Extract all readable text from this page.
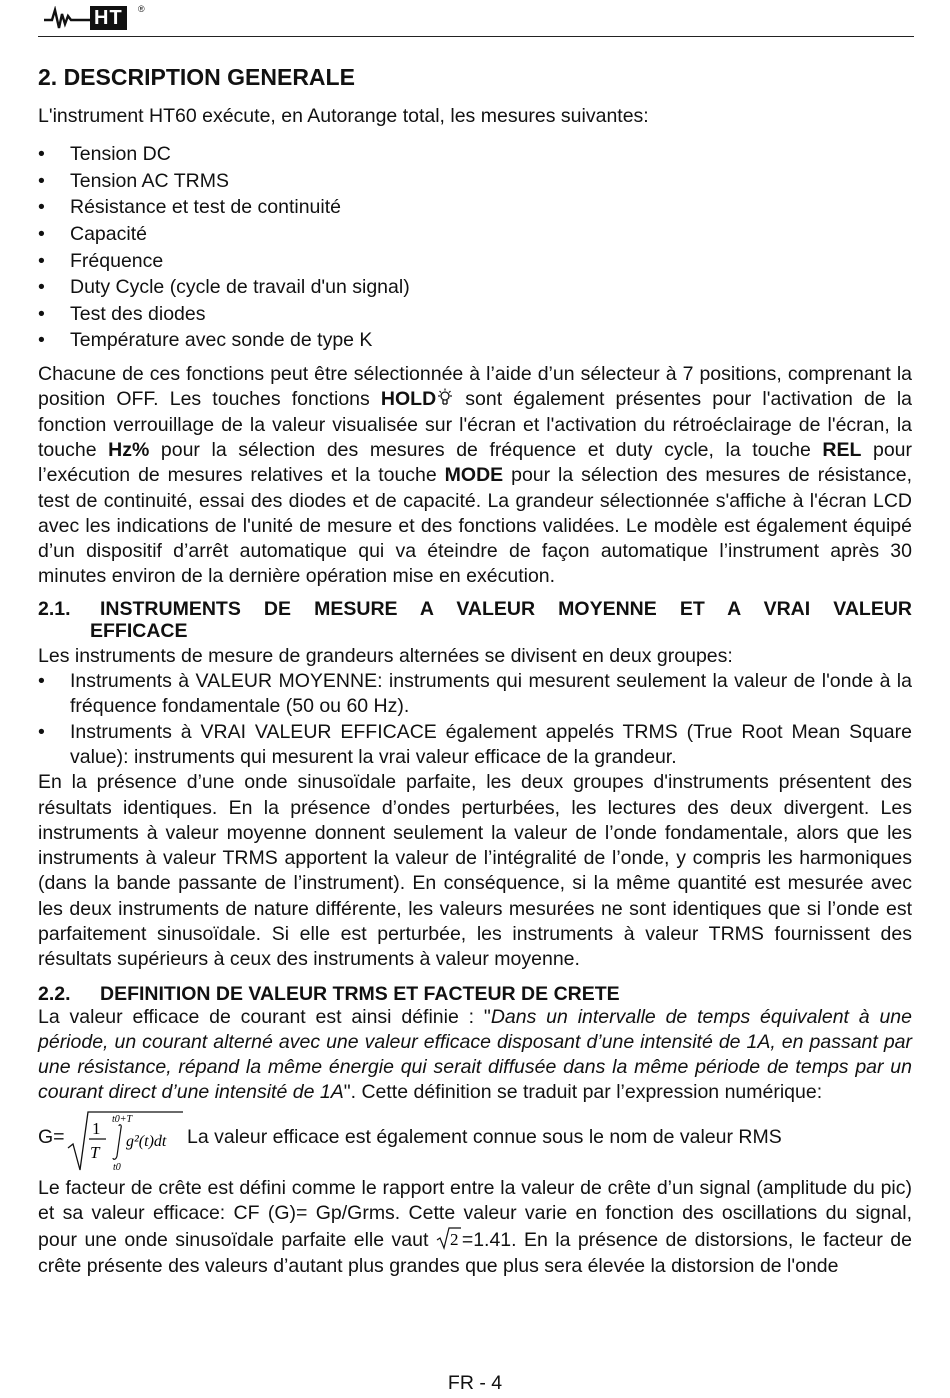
HT	®
2. DESCRIPTION GENERALE

L'instrument HT60 exécute, en Autorange total, les mesures suivantes:

• Tension DC
• Tension AC TRMS
• Résistance et test de continuité
• Capacité
• Fréquence
• Duty Cycle (cycle de travail d'un signal)
• Test des diodes
• Température avec sonde de type K

Chacune de ces fonctions peut être sélectionnée à l’aide d’un sélecteur à 7 positions, comprenant la position OFF. Les touches fonctions HOLD sont également présentes pour l'activation de la fonction verrouillage de la valeur visualisée sur l'écran et l'activation du rétroéclairage de l'écran, la touche Hz% pour la sélection des mesures de fréquence et duty cycle, la touche REL pour l’exécution de mesures relatives et la touche MODE pour la sélection des mesures de résistance, test de continuité, essai des diodes et de capacité. La grandeur sélectionnée s'affiche à l'écran LCD avec les indications de l'unité de mesure et des fonctions validées. Le modèle est également équipé d’un dispositif d’arrêt automatique qui va éteindre de façon automatique l’instrument après 30 minutes environ de la dernière opération mise en exécution.

2.1.	INSTRUMENTS DE MESURE A VALEUR MOYENNE ET A VRAI VALEUR
EFFICACE

Les instruments de mesure de grandeurs alternées se divisent en deux groupes:

• Instruments à VALEUR MOYENNE: instruments qui mesurent seulement la valeur de l'onde à la fréquence fondamentale (50 ou 60 Hz).
• Instruments à VRAI VALEUR EFFICACE également appelés TRMS (True Root Mean Square value): instruments qui mesurent la vrai valeur efficace de la grandeur.

En la présence d’une onde sinusoïdale parfaite, les deux groupes d'instruments présentent des résultats identiques. En la présence d’ondes perturbées, les lectures des deux divergent. Les instruments à valeur moyenne donnent seulement la valeur de l’onde fondamentale, alors que les instruments à valeur TRMS apportent la valeur de l’intégralité de l’onde, y compris les harmoniques (dans la bande passante de l’instrument). En conséquence, si la même quantité est mesurée avec les deux instruments de nature différente, les valeurs mesurées ne sont identiques que si l’onde est parfaitement sinusoïdale. Si elle est perturbée, les instruments à valeur TRMS fournissent des résultats supérieurs à ceux des instruments à valeur moyenne.

2.2.	DEFINITION DE VALEUR TRMS ET FACTEUR DE CRETE

La valeur efficace de courant est ainsi définie : "Dans un intervalle de temps équivalent à une période, un courant alterné avec une valeur efficace disposant d’une intensité de 1A, en passant par une résistance, répand la même énergie qui serait diffusée dans la même période de temps par un courant direct d’une intensité de 1A". Cette définition se traduit par l’expression numérique:

G= 1
T
t0+T
t0
g²(t)dt La valeur efficace est également connue sous le nom de valeur RMS

Le facteur de crête est défini comme le rapport entre la valeur de crête d’un signal (amplitude du pic) et sa valeur efficace: CF (G)= Gp/Grms. Cette valeur varie en fonction des oscillations du signal, pour une onde sinusoïdale parfaite elle vaut 2 =1.41. En la présence de distorsions, le facteur de crête présente des valeurs d’autant plus grandes que plus sera élevée la distorsion de l'onde

FR - 4
